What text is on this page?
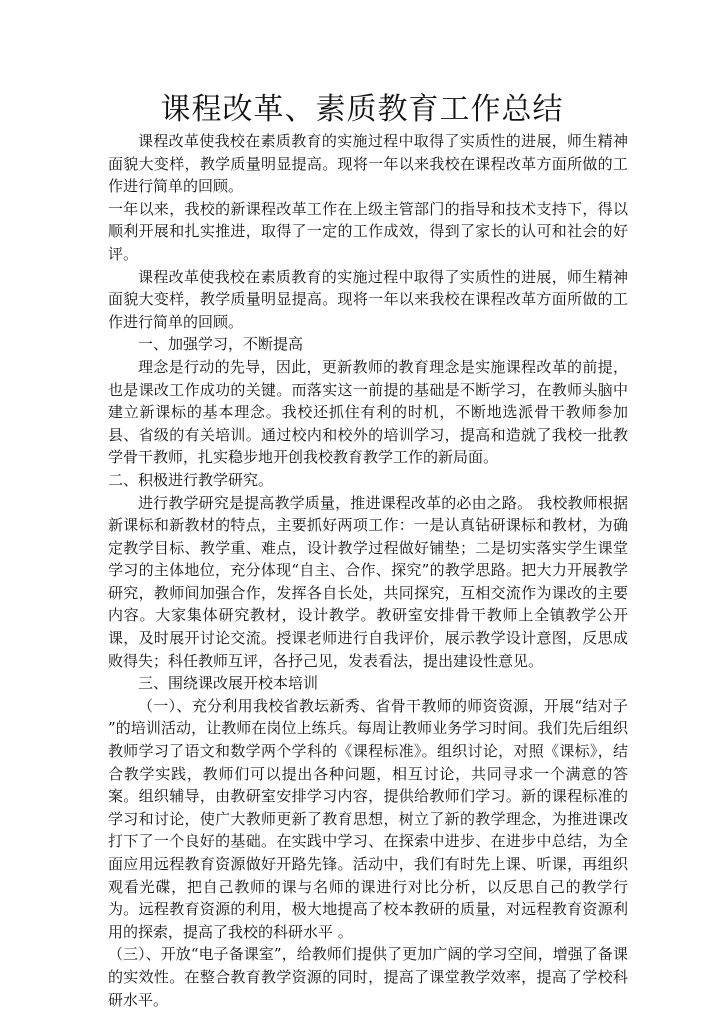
课程改革、素质教育工作总结

课程改革使我校在素质教育的实施过程中取得了实质性的进展，师生精神面貌大变样，教学质量明显提高。现将一年以来我校在课程改革方面所做的工作进行简单的回顾。

一年以来，我校的新课程改革工作在上级主管部门的指导和技术支持下，得以顺利开展和扎实推进，取得了一定的工作成效，得到了家长的认可和社会的好评。

课程改革使我校在素质教育的实施过程中取得了实质性的进展，师生精神面貌大变样，教学质量明显提高。现将一年以来我校在课程改革方面所做的工作进行简单的回顾。

一、加强学习，不断提高

理念是行动的先导，因此，更新教师的教育理念是实施课程改革的前提，也是课改工作成功的关键。而落实这一前提的基础是不断学习，在教师头脑中建立新课标的基本理念。我校还抓住有利的时机，不断地选派骨干教师参加县、省级的有关培训。通过校内和校外的培训学习，提高和造就了我校一批教学骨干教师，扎实稳步地开创我校教育教学工作的新局面。

二、积极进行教学研究。

进行教学研究是提高教学质量，推进课程改革的必由之路。 我校教师根据新课标和新教材的特点，主要抓好两项工作：一是认真钻研课标和教材，为确定教学目标、教学重、难点，设计教学过程做好铺垫；二是切实落实学生课堂学习的主体地位，充分体现“自主、合作、探究”的教学思路。把大力开展教学研究，教师间加强合作，发挥各自长处，共同探究，互相交流作为课改的主要内容。大家集体研究教材，设计教学。教研室安排骨干教师上全镇教学公开课，及时展开讨论交流。授课老师进行自我评价，展示教学设计意图，反思成败得失；科任教师互评，各抒己见，发表看法，提出建设性意见。

三、围绕课改展开校本培训

（一）、充分利用我校省教坛新秀、省骨干教师的师资资源，开展“结对子 ”的培训活动，让教师在岗位上练兵。每周让教师业务学习时间。我们先后组织教师学习了语文和数学两个学科的《课程标准》。组织讨论，对照《课标》，结合教学实践，教师们可以提出各种问题，相互讨论，共同寻求一个满意的答案。组织辅导，由教研室安排学习内容，提供给教师们学习。新的课程标准的学习和讨论，使广大教师更新了教育思想，树立了新的教学理念，为推进课改打下了一个良好的基础。在实践中学习、在探索中进步、在进步中总结，为全面应用远程教育资源做好开路先锋。活动中，我们有时先上课、听课，再组织观看光碟，把自己教师的课与名师的课进行对比分析，以反思自己的教学行为。远程教育资源的利用，极大地提高了校本教研的质量，对远程教育资源利用的探索，提高了我校的科研水平 。

（三）、开放“电子备课室”，给教师们提供了更加广阔的学习空间，增强了备课的实效性。在整合教育教学资源的同时，提高了课堂教学效率，提高了学校科研水平。
